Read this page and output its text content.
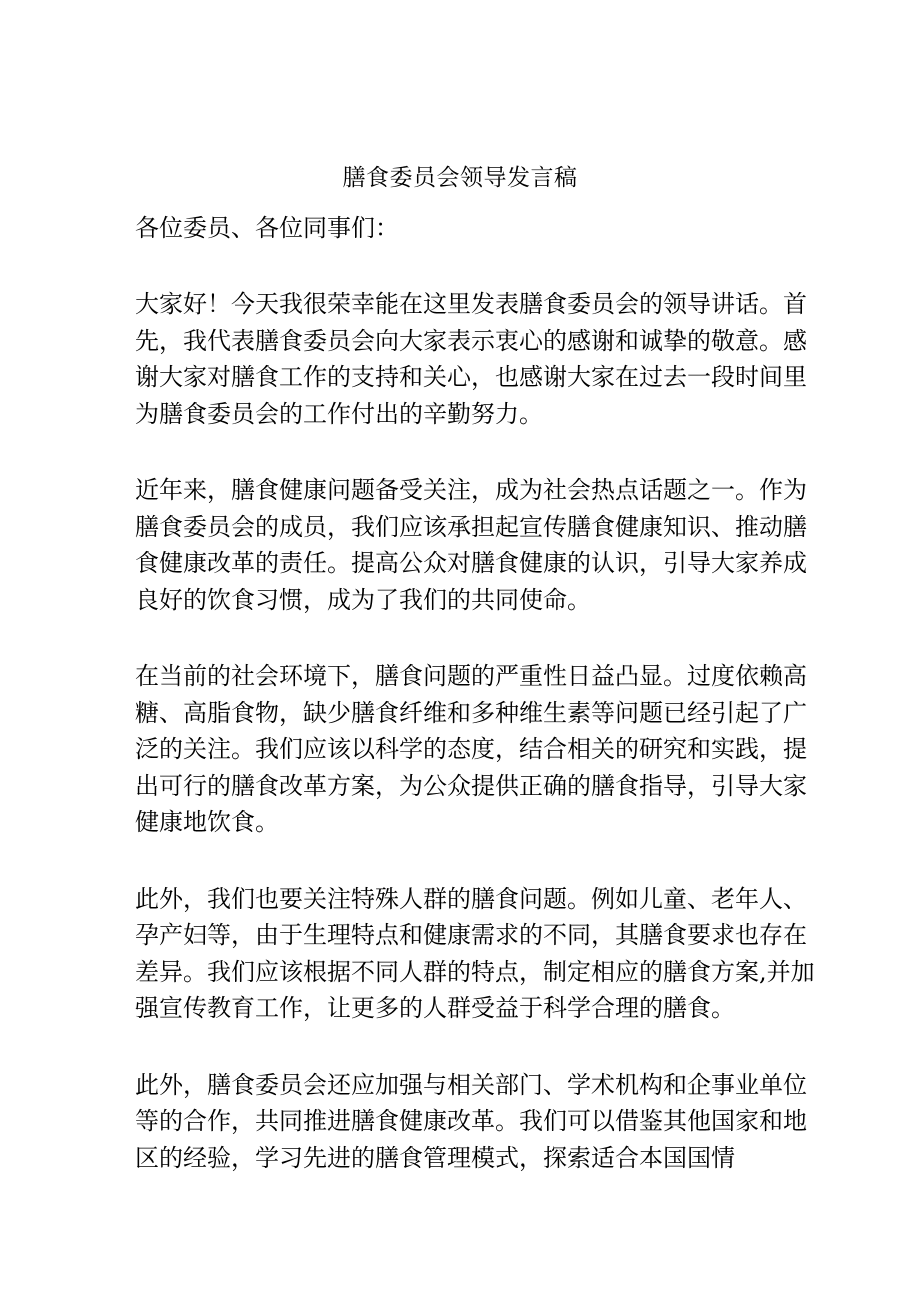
膳食委员会领导发言稿

各位委员、各位同事们：

大家好！今天我很荣幸能在这里发表膳食委员会的领导讲话。首
先，我代表膳食委员会向大家表示衷心的感谢和诚挚的敬意。感
谢大家对膳食工作的支持和关心，也感谢大家在过去一段时间里
为膳食委员会的工作付出的辛勤努力。

近年来，膳食健康问题备受关注，成为社会热点话题之一。作为
膳食委员会的成员，我们应该承担起宣传膳食健康知识、推动膳
食健康改革的责任。提高公众对膳食健康的认识，引导大家养成
良好的饮食习惯，成为了我们的共同使命。

在当前的社会环境下，膳食问题的严重性日益凸显。过度依赖高
糖、高脂食物，缺少膳食纤维和多种维生素等问题已经引起了广
泛的关注。我们应该以科学的态度，结合相关的研究和实践，提
出可行的膳食改革方案，为公众提供正确的膳食指导，引导大家
健康地饮食。

此外，我们也要关注特殊人群的膳食问题。例如儿童、老年人、
孕产妇等，由于生理特点和健康需求的不同，其膳食要求也存在
差异。我们应该根据不同人群的特点，制定相应的膳食方案,并加
强宣传教育工作，让更多的人群受益于科学合理的膳食。

此外，膳食委员会还应加强与相关部门、学术机构和企事业单位
等的合作，共同推进膳食健康改革。我们可以借鉴其他国家和地
区的经验，学习先进的膳食管理模式，探索适合本国国情
